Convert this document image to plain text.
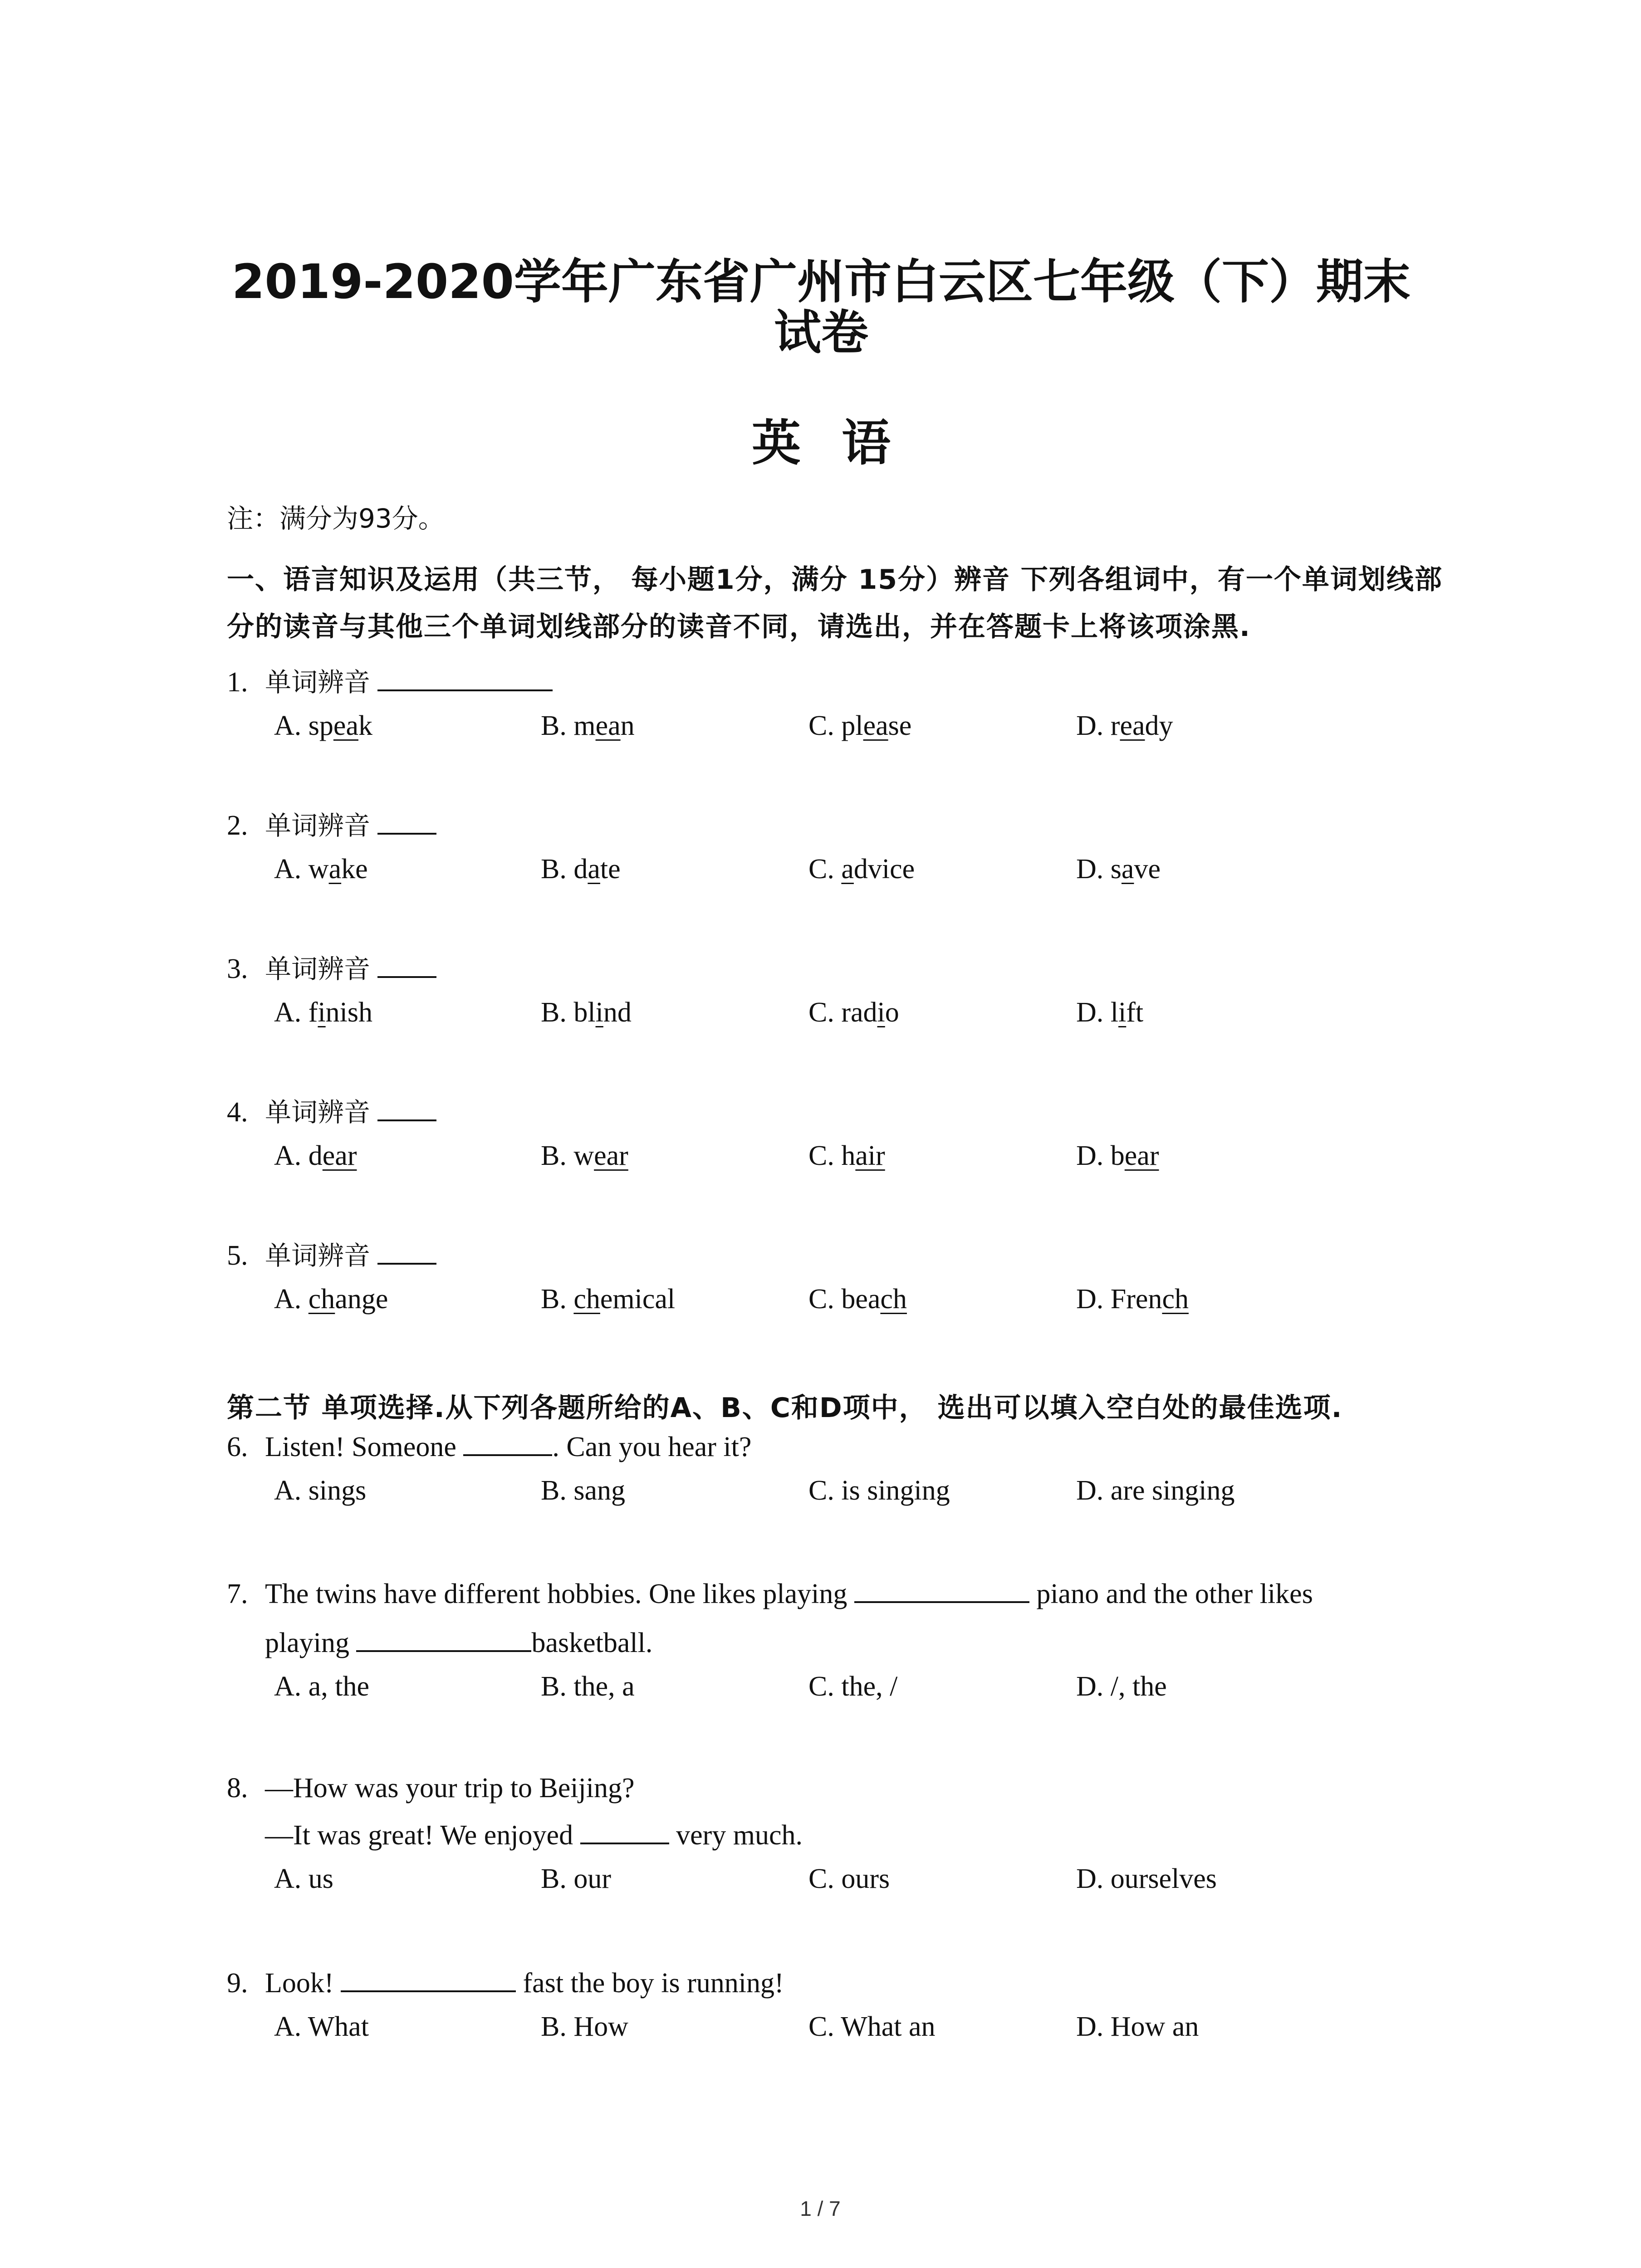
2019-2020学年广东省广州市白云区七年级（下）期末
试卷
英语
注：满分为93分。
一、语言知识及运用（共三节， 每小题1分，满分 15分）辨音 下列各组词中，有一个单词划线部分的读音与其他三个单词划线部分的读音不同，请选出，并在答题卡上将该项涂黑.
1. 单词辨音
A. speak	B. mean	C. please	D. ready
2. 单词辨音
A. wake	B. date	C. advice	D. save
3. 单词辨音
A. finish	B. blind	C. radio	D. lift
4. 单词辨音
A. dear	B. wear	C. hair	D. bear
5. 单词辨音
A. change	B. chemical	C. beach	D. French
第二节 单项选择.从下列各题所给的A、B、C和D项中， 选出可以填入空白处的最佳选项.
6. Listen! Someone	. Can you hear it?
A. sings	B. sang	C. is singing	D. are singing
7. The twins have different hobbies. One likes playing	piano and the other likes
playing	basketball.
A. a, the	B. the, a	C. the, /	D. /, the
8. —How was your trip to Beijing?
—It was great! We enjoyed	very much.
A. us	B. our	C. ours	D. ourselves
9. Look!	fast the boy is running!
A. What	B. How	C. What an	D. How an
1 / 7
